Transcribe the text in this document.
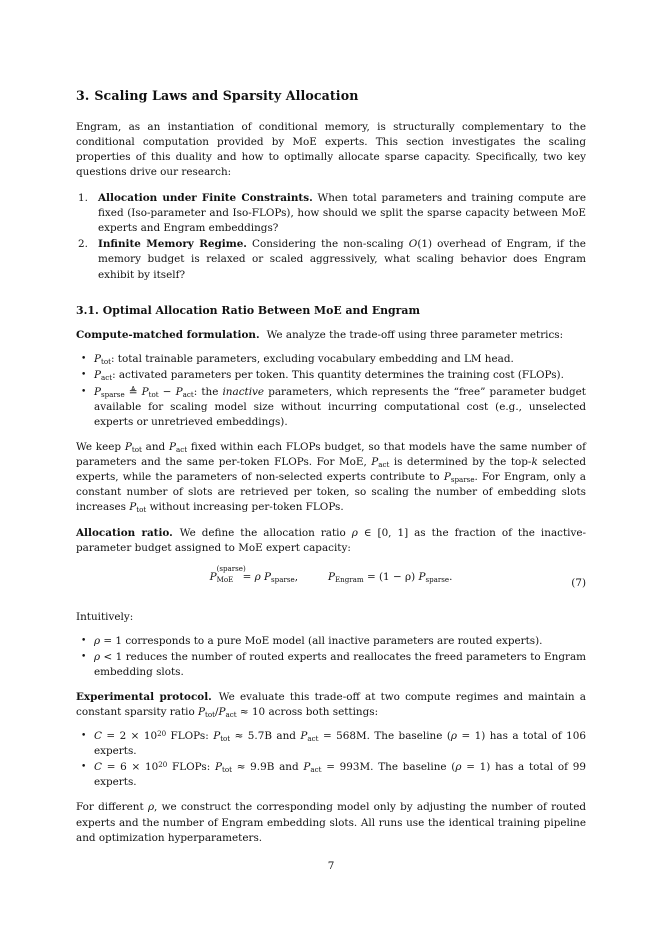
3. Scaling Laws and Sparsity Allocation

Engram, as an instantiation of conditional memory, is structurally complementary to the conditional computation provided by MoE experts. This section investigates the scaling properties of this duality and how to optimally allocate sparse capacity. Specifically, two key questions drive our research:

1. Allocation under Finite Constraints. When total parameters and training compute are fixed (Iso-parameter and Iso-FLOPs), how should we split the sparse capacity between MoE experts and Engram embeddings?
2. Infinite Memory Regime. Considering the non-scaling O(1) overhead of Engram, if the memory budget is relaxed or scaled aggressively, what scaling behavior does Engram exhibit by itself?
3.1. Optimal Allocation Ratio Between MoE and Engram

Compute-matched formulation. We analyze the trade-off using three parameter metrics:

• $P_{tot}$: total trainable parameters, excluding vocabulary embedding and LM head.
• $P_{act}$: activated parameters per token. This quantity determines the training cost (FLOPs).
• $P_{sparse}$ ≜ $P_{tot} - P_{act}$: the inactive parameters, which represents the “free” parameter budget available for scaling model size without incurring computational cost (e.g., unselected experts or unretrieved embeddings).

We keep $P_{tot}$ and $P_{act}$ fixed within each FLOPs budget, so that models have the same number of parameters and the same per-token FLOPs. For MoE, $P_{act}$ is determined by the top-k selected experts, while the parameters of non-selected experts contribute to $P_{sparse}$. For Engram, only a constant number of slots are retrieved per token, so scaling the number of embedding slots increases $P_{tot}$ without increasing per-token FLOPs.

Allocation ratio. We define the allocation ratio ρ ∈ [0, 1] as the fraction of the inactive-parameter budget assigned to MoE expert capacity:

P
(sparse)
MoE = ρ $P_{sparse}$,	$P_{Engram} = (1 - \rho)$ $P_{sparse}$.	(7)

Intuitively:

• ρ = 1 corresponds to a pure MoE model (all inactive parameters are routed experts).
• ρ < 1 reduces the number of routed experts and reallocates the freed parameters to Engram embedding slots.

Experimental protocol. We evaluate this trade-off at two compute regimes and maintain a constant sparsity ratio $P_{tot}/P_{act} \approx 10$ across both settings:

• $C = 2 \times 10^{20}$ FLOPs: $P_{tot} \approx 5.7B$ and $P_{act} = 568M$. The baseline (ρ = 1) has a total of 106 experts.
• $C = 6 \times 10^{20}$ FLOPs: $P_{tot} \approx 9.9B$ and $P_{act} = 993M$. The baseline (ρ = 1) has a total of 99 experts.

For different ρ, we construct the corresponding model only by adjusting the number of routed experts and the number of Engram embedding slots. All runs use the identical training pipeline and optimization hyperparameters.

7
